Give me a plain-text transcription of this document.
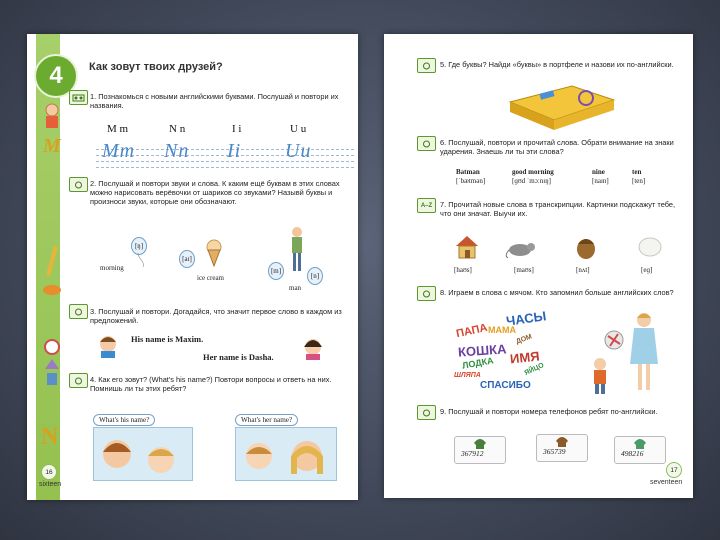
4	Как зовут твоих друзей?
M
N
1. Познакомься с новыми английскими буквами. Послушай и повтори их названия.
M m	N n	I i	U u
Mm Nn Ii Uu
2. Послушай и повтори звуки и слова. К каким ещё буквам в этих словах можно нарисовать верёвочки от шариков со звуками? Назывй буквы и произноси звуки, которые они обозначают.
[ŋ]
morning
[aɪ]
ice cream
[m]
[n]
man
3. Послушай и повтори. Догадайся, что значит первое слово в каждом из предложений.
His name is Maxim.
Her name is Dasha.
4. Как его зовут? (What's his name?) Повтори вопросы и ответь на них. Помнишь ли ты этих ребят?
What's his name?	What's her name?
16
sixteen
5. Где буквы? Найди «буквы» в портфеле и назови их по-английски.
6. Послушай, повтори и прочитай слова. Обрати внимание на знаки ударения. Знаешь ли ты эти слова?
Batman	good morning	nine	ten
[ˈbætmən]	[ɡʊd ˈmɔːnɪŋ]	[naɪn]	[ten]
A–Z	7. Прочитай новые слова в транскрипции. Картинки подскажут тебе, что они значат. Выучи их.
[haʊs]	[maʊs]	[nʌt]	[eɡ]
8. Играем в слова с мячом. Кто запомнил больше английских слов?
ЧАСЫ
ПАПА МАМА
КОШКА
ЛОДКА ИМЯ
СПАСИБО
ШЛЯПА	ЯЙЦО
ДОМ
9. Послушай и повтори номера телефонов ребят по-английски.
367912	365739	498216
17
seventeen
